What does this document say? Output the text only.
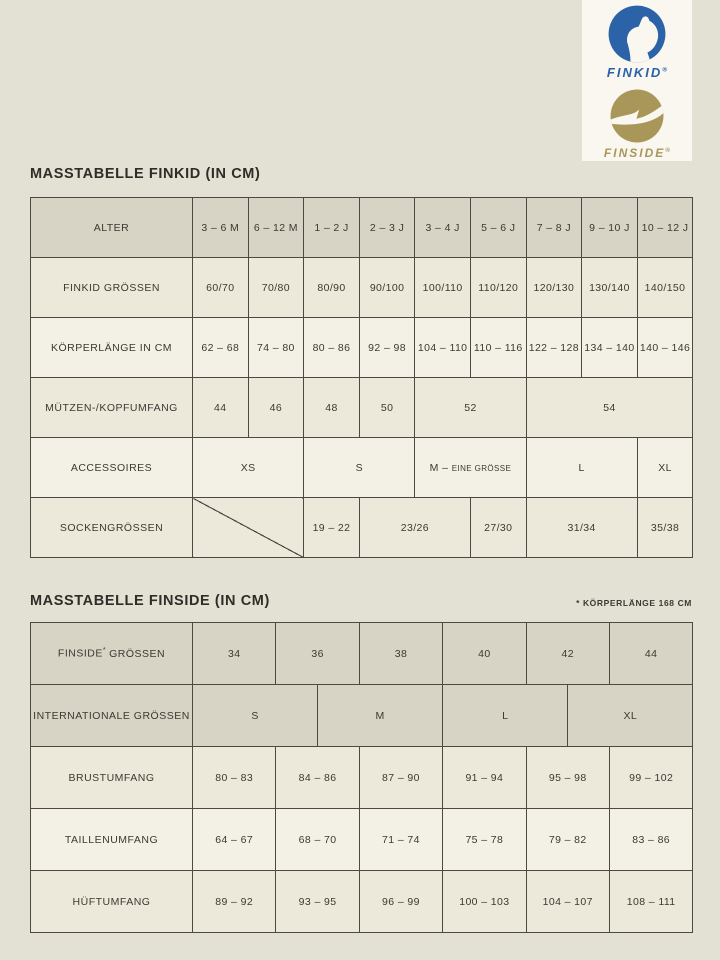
FINKID®
FINSIDE®
MASSTABELLE FINKID (IN CM)
ALTER	3 – 6 M	6 – 12 M	1 – 2 J	2 – 3 J	3 – 4 J	5 – 6 J	7 – 8 J	9 – 10 J	10 – 12 J
FINKID GRÖSSEN	60/70	70/80	80/90	90/100	100/110	110/120	120/130	130/140	140/150
KÖRPERLÄNGE IN CM	62 – 68	74 – 80	80 – 86	92 – 98	104 – 110	110 – 116	122 – 128	134 – 140	140 – 146
MÜTZEN-/KOPFUMFANG	44	46	48	50	52		54		
ACCESSOIRES	XS		S		M – EINE GRÖSSE		L		XL
SOCKENGRÖSSEN			19 – 22	23/26		27/30	31/34		35/38
MASSTABELLE FINSIDE (IN CM)	* KÖRPERLÄNGE 168 CM
FINSIDE* GRÖSSEN	34	36		38	40	42		44
INTERNATIONALE GRÖSSEN	S		M		L		XL	
BRUSTUMFANG	80 – 83	84 – 86		87 – 90	91 – 94	95 – 98		99 – 102
TAILLENUMFANG	64 – 67	68 – 70		71 – 74	75 – 78	79 – 82		83 – 86
HÜFTUMFANG	89 – 92	93 – 95		96 – 99	100 – 103	104 – 107		108 – 111
